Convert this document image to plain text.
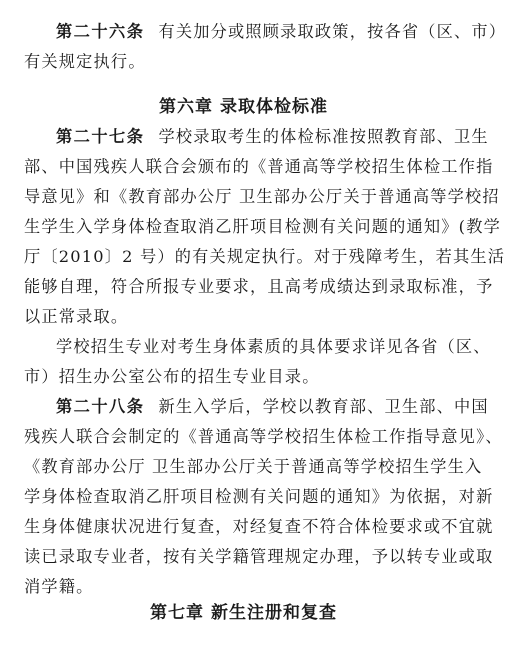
第二十六条 有关加分或照顾录取政策，按各省（区、市）
有关规定执行。
第六章 录取体检标准
第二十七条 学校录取考生的体检标准按照教育部、卫生
部、中国残疾人联合会颁布的《普通高等学校招生体检工作指
导意见》和《教育部办公厅 卫生部办公厅关于普通高等学校招
生学生入学身体检查取消乙肝项目检测有关问题的通知》(教学
厅〔2010〕2 号）的有关规定执行。对于残障考生，若其生活
能够自理，符合所报专业要求，且高考成绩达到录取标准，予
以正常录取。
学校招生专业对考生身体素质的具体要求详见各省（区、
市）招生办公室公布的招生专业目录。
第二十八条 新生入学后，学校以教育部、卫生部、中国
残疾人联合会制定的《普通高等学校招生体检工作指导意见》、
《教育部办公厅 卫生部办公厅关于普通高等学校招生学生入
学身体检查取消乙肝项目检测有关问题的通知》为依据，对新
生身体健康状况进行复查，对经复查不符合体检要求或不宜就
读已录取专业者，按有关学籍管理规定办理，予以转专业或取
消学籍。
第七章 新生注册和复查
